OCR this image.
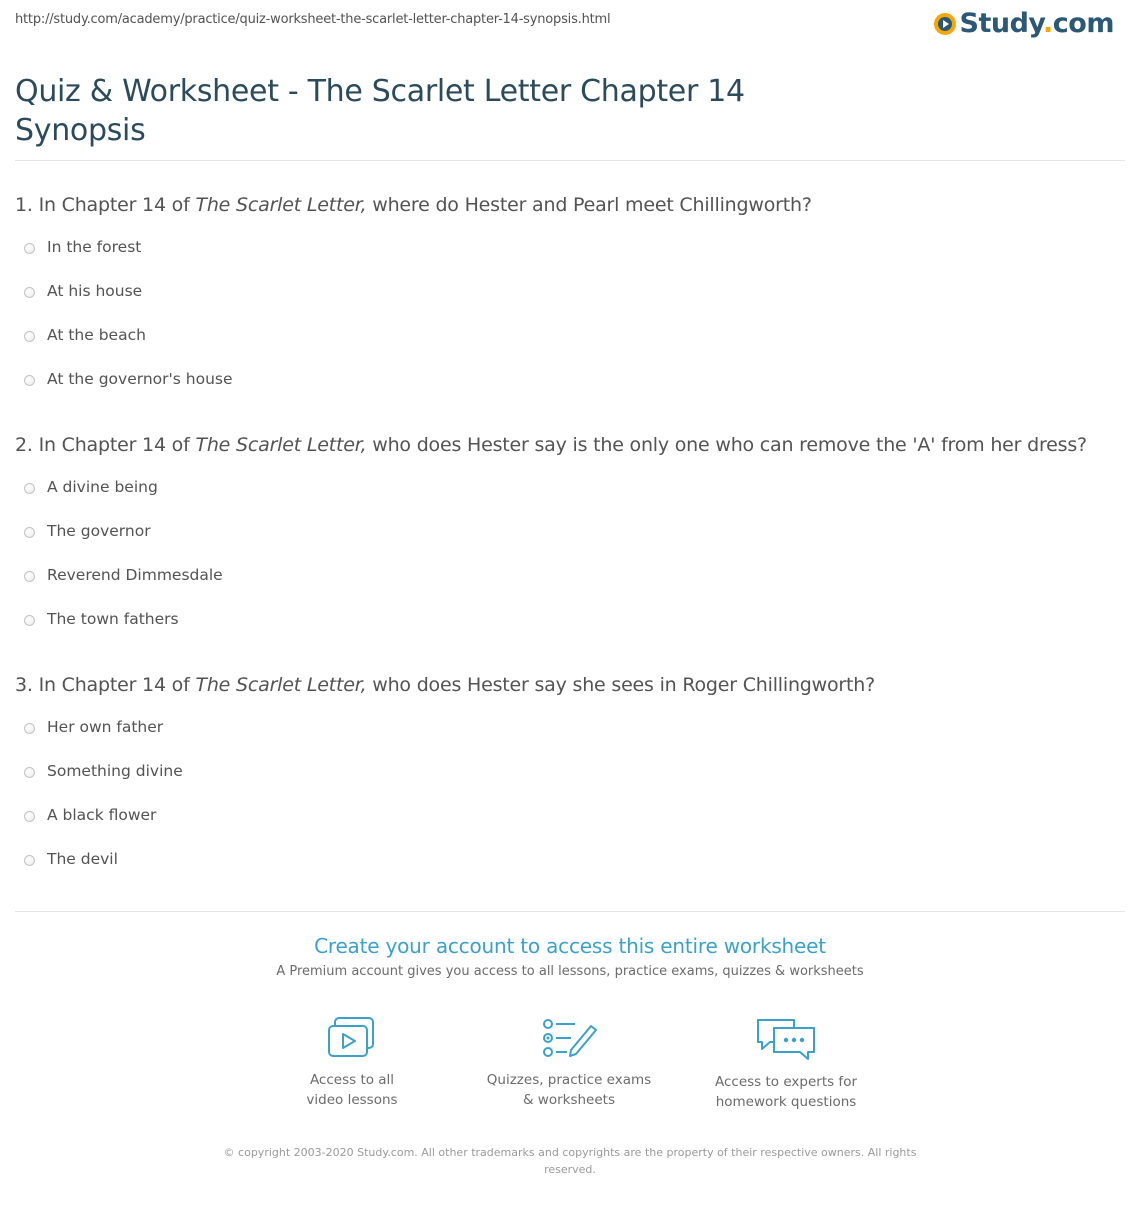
http://study.com/academy/practice/quiz-worksheet-the-scarlet-letter-chapter-14-synopsis.html	Study.com
Quiz & Worksheet - The Scarlet Letter Chapter 14 Synopsis
1. In Chapter 14 of The Scarlet Letter, where do Hester and Pearl meet Chillingworth?
In the forest
At his house
At the beach
At the governor's house
2. In Chapter 14 of The Scarlet Letter, who does Hester say is the only one who can remove the 'A' from her dress?
A divine being
The governor
Reverend Dimmesdale
The town fathers
3. In Chapter 14 of The Scarlet Letter, who does Hester say she sees in Roger Chillingworth?
Her own father
Something divine
A black flower
The devil
Create your account to access this entire worksheet
A Premium account gives you access to all lessons, practice exams, quizzes & worksheets
Access to all
video lessons
Quizzes, practice exams
& worksheets
Access to experts for
homework questions
© copyright 2003-2020 Study.com. All other trademarks and copyrights are the property of their respective owners. All rights reserved.
